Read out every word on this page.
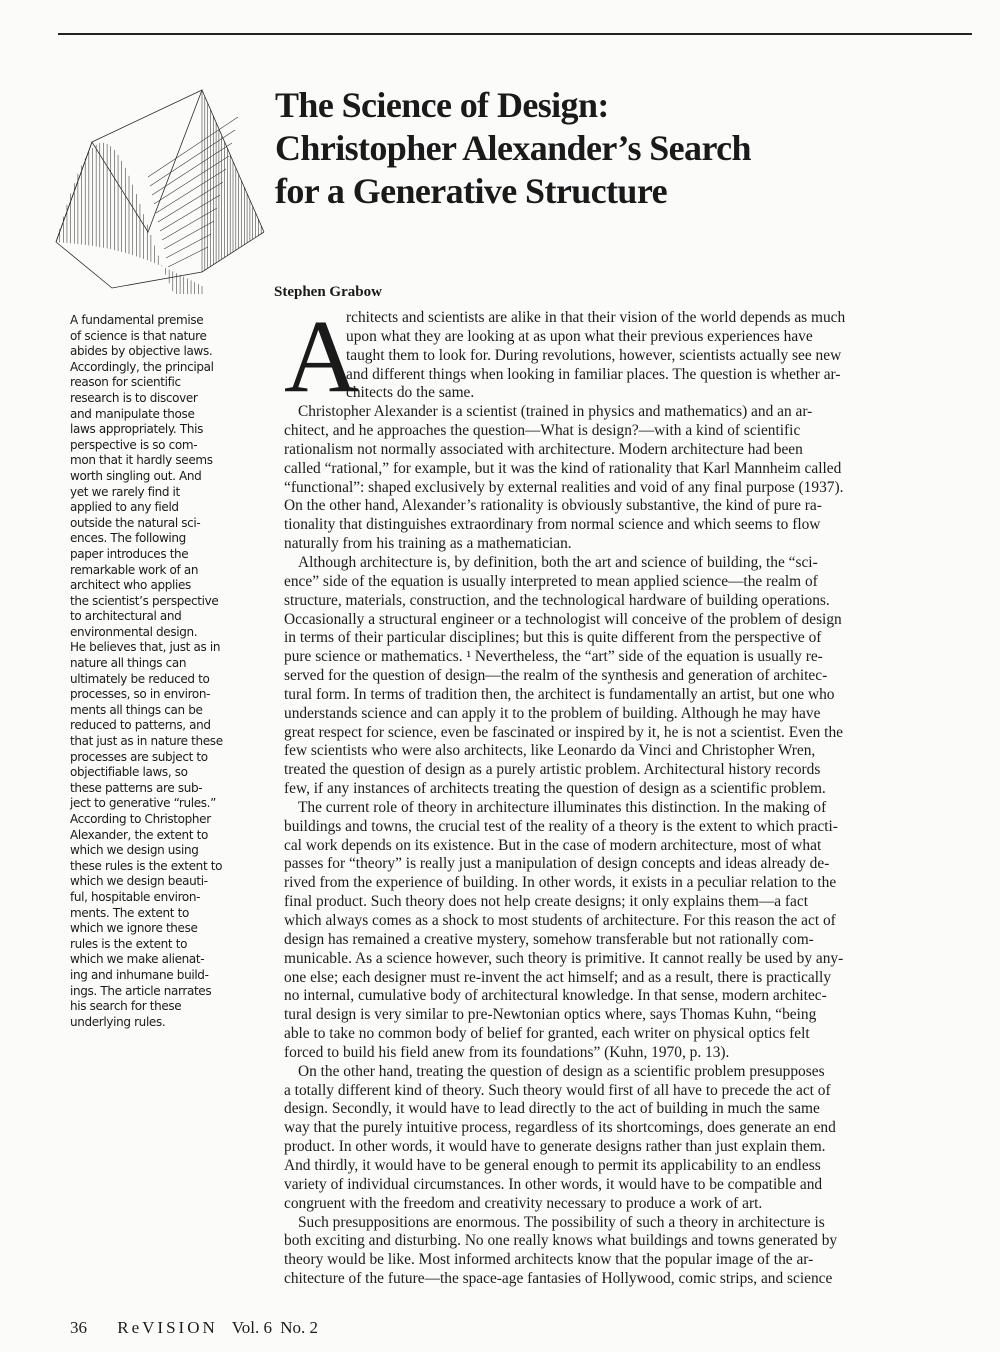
The Science of Design:
Christopher Alexander’s Search
for a Generative Structure
Stephen Grabow
A fundamental premise
of science is that nature
abides by objective laws.
Accordingly, the principal
reason for scientific
research is to discover
and manipulate those
laws appropriately. This
perspective is so com-
mon that it hardly seems
worth singling out. And
yet we rarely find it
applied to any field
outside the natural sci-
ences. The following
paper introduces the
remarkable work of an
architect who applies
the scientist’s perspective
to architectural and
environmental design.
He believes that, just as in
nature all things can
ultimately be reduced to
processes, so in environ-
ments all things can be
reduced to patterns, and
that just as in nature these
processes are subject to
objectifiable laws, so
these patterns are sub-
ject to generative “rules.”
According to Christopher
Alexander, the extent to
which we design using
these rules is the extent to
which we design beauti-
ful, hospitable environ-
ments. The extent to
which we ignore these
rules is the extent to
which we make alienat-
ing and inhumane build-
ings. The article narrates
his search for these
underlying rules.
A
rchitects and scientists are alike in that their vision of the world depends as much
upon what they are looking at as upon what their previous experiences have
taught them to look for. During revolutions, however, scientists actually see new
and different things when looking in familiar places. The question is whether ar-
chitects do the same.
Christopher Alexander is a scientist (trained in physics and mathematics) and an ar-
chitect, and he approaches the question—What is design?—with a kind of scientific
rationalism not normally associated with architecture. Modern architecture had been
called “rational,” for example, but it was the kind of rationality that Karl Mannheim called
“functional”: shaped exclusively by external realities and void of any final purpose (1937).
On the other hand, Alexander’s rationality is obviously substantive, the kind of pure ra-
tionality that distinguishes extraordinary from normal science and which seems to flow
naturally from his training as a mathematician.
Although architecture is, by definition, both the art and science of building, the “sci-
ence” side of the equation is usually interpreted to mean applied science—the realm of
structure, materials, construction, and the technological hardware of building operations.
Occasionally a structural engineer or a technologist will conceive of the problem of design
in terms of their particular disciplines; but this is quite different from the perspective of
pure science or mathematics. ¹ Nevertheless, the “art” side of the equation is usually re-
served for the question of design—the realm of the synthesis and generation of architec-
tural form. In terms of tradition then, the architect is fundamentally an artist, but one who
understands science and can apply it to the problem of building. Although he may have
great respect for science, even be fascinated or inspired by it, he is not a scientist. Even the
few scientists who were also architects, like Leonardo da Vinci and Christopher Wren,
treated the question of design as a purely artistic problem. Architectural history records
few, if any instances of architects treating the question of design as a scientific problem.
The current role of theory in architecture illuminates this distinction. In the making of
buildings and towns, the crucial test of the reality of a theory is the extent to which practi-
cal work depends on its existence. But in the case of modern architecture, most of what
passes for “theory” is really just a manipulation of design concepts and ideas already de-
rived from the experience of building. In other words, it exists in a peculiar relation to the
final product. Such theory does not help create designs; it only explains them—a fact
which always comes as a shock to most students of architecture. For this reason the act of
design has remained a creative mystery, somehow transferable but not rationally com-
municable. As a science however, such theory is primitive. It cannot really be used by any-
one else; each designer must re-invent the act himself; and as a result, there is practically
no internal, cumulative body of architectural knowledge. In that sense, modern architec-
tural design is very similar to pre-Newtonian optics where, says Thomas Kuhn, “being
able to take no common body of belief for granted, each writer on physical optics felt
forced to build his field anew from its foundations” (Kuhn, 1970, p. 13).
On the other hand, treating the question of design as a scientific problem presupposes
a totally different kind of theory. Such theory would first of all have to precede the act of
design. Secondly, it would have to lead directly to the act of building in much the same
way that the purely intuitive process, regardless of its shortcomings, does generate an end
product. In other words, it would have to generate designs rather than just explain them.
And thirdly, it would have to be general enough to permit its applicability to an endless
variety of individual circumstances. In other words, it would have to be compatible and
congruent with the freedom and creativity necessary to produce a work of art.
Such presuppositions are enormous. The possibility of such a theory in architecture is
both exciting and disturbing. No one really knows what buildings and towns generated by
theory would be like. Most informed architects know that the popular image of the ar-
chitecture of the future—the space-age fantasies of Hollywood, comic strips, and science
36 ReVISION Vol. 6 No. 2
